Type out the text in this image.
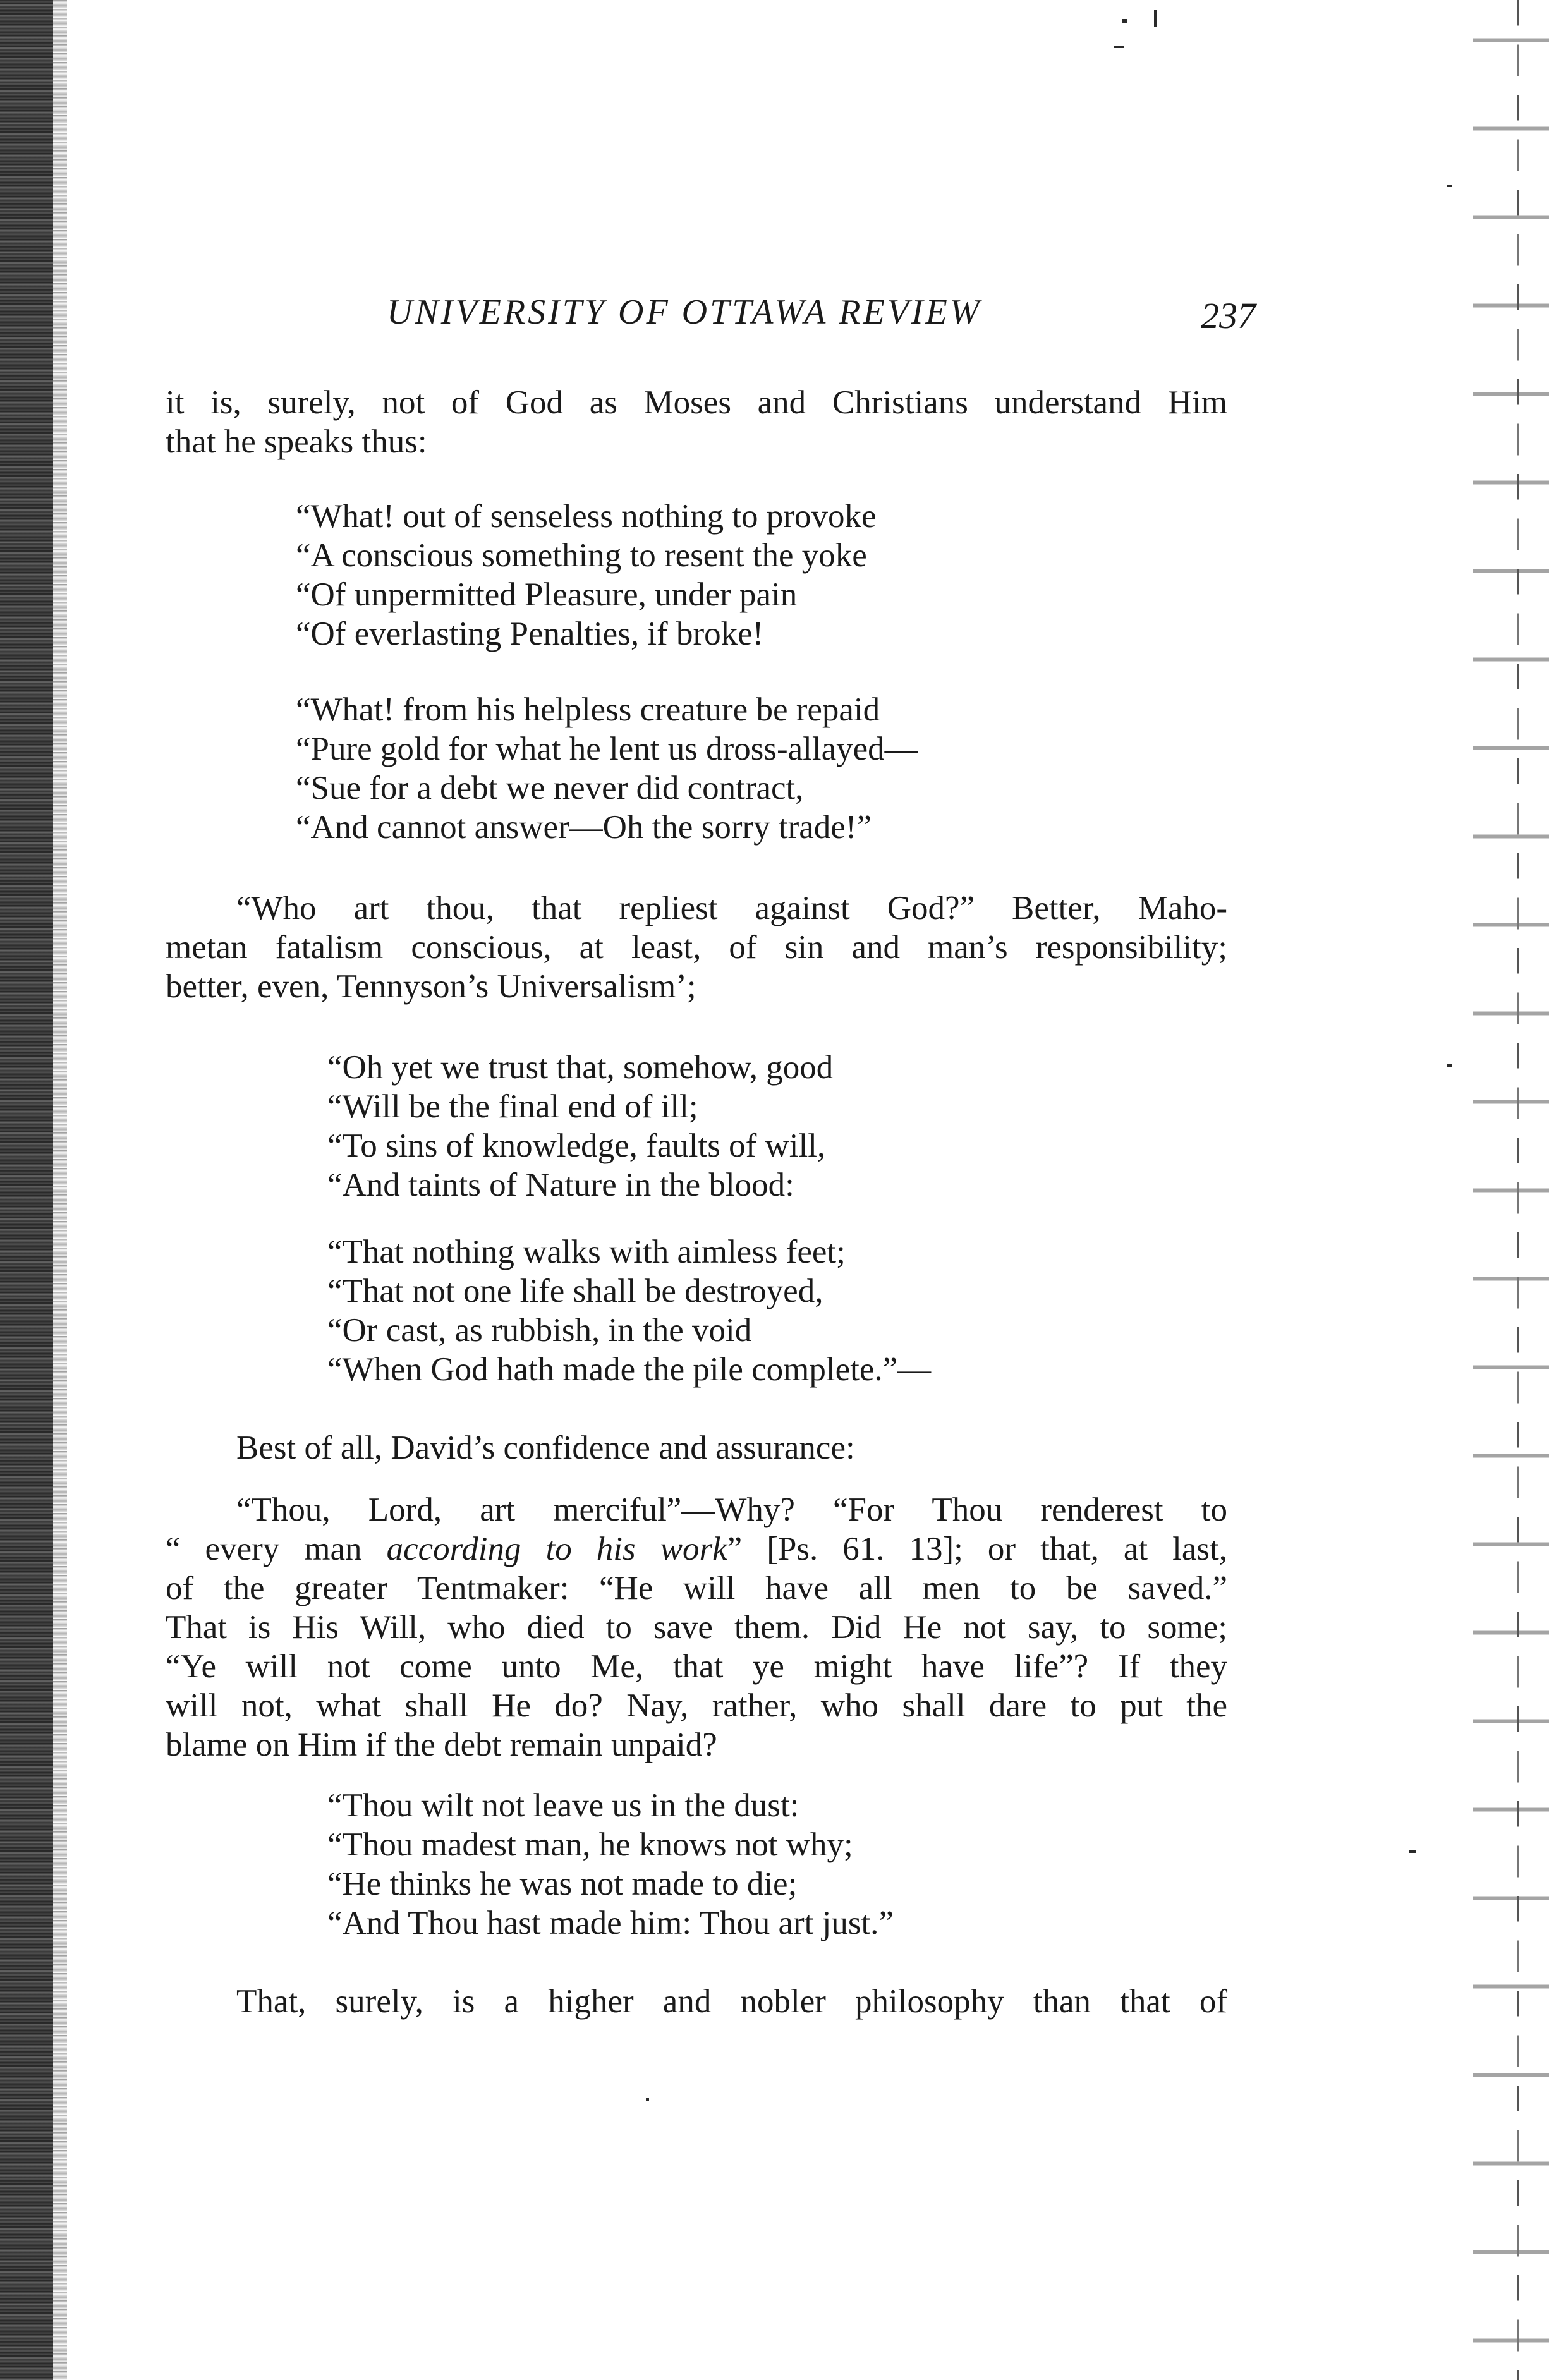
UNIVERSITY OF OTTAWA REVIEW	237
it is, surely, not of God as Moses and Christians understand Him
that he speaks thus:
“What! out of senseless nothing to provoke
“A conscious something to resent the yoke
“Of unpermitted Pleasure, under pain
“Of everlasting Penalties, if broke!
“What! from his helpless creature be repaid
“Pure gold for what he lent us dross-allayed—
“Sue for a debt we never did contract,
“And cannot answer—Oh the sorry trade!”
“Who art thou, that repliest against God?” Better, Maho-
metan fatalism conscious, at least, of sin and man’s responsibility;
better, even, Tennyson’s Universalism’;
“Oh yet we trust that, somehow, good
“Will be the final end of ill;
“To sins of knowledge, faults of will,
“And taints of Nature in the blood:
“That nothing walks with aimless feet;
“That not one life shall be destroyed,
“Or cast, as rubbish, in the void
“When God hath made the pile complete.”—
Best of all, David’s confidence and assurance:
“Thou, Lord, art merciful”—Why? “For Thou renderest to
“ every man according to his work” [Ps. 61. 13]; or that, at last,
of the greater Tentmaker: “He will have all men to be saved.”
That is His Will, who died to save them. Did He not say, to some;
“Ye will not come unto Me, that ye might have life”? If they
will not, what shall He do? Nay, rather, who shall dare to put the
blame on Him if the debt remain unpaid?
“Thou wilt not leave us in the dust:
“Thou madest man, he knows not why;
“He thinks he was not made to die;
“And Thou hast made him: Thou art just.”
That, surely, is a higher and nobler philosophy than that of
